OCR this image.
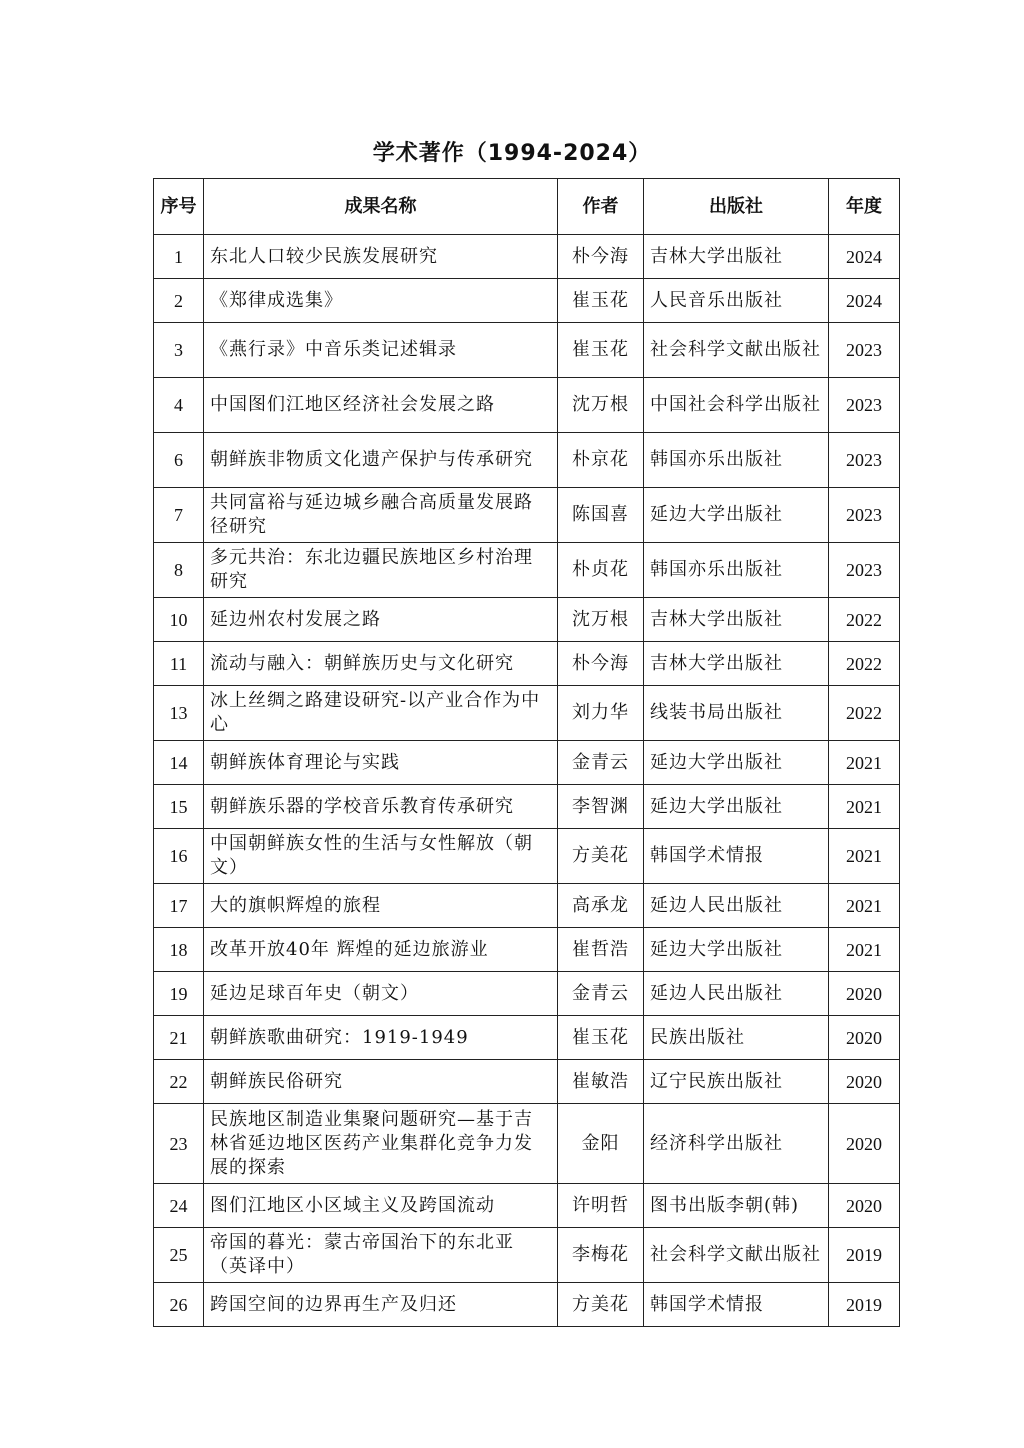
学术著作（1994-2024）
序号	成果名称	作者	出版社	年度
1	东北人口较少民族发展研究	朴今海	吉林大学出版社	2024
2	《郑律成选集》	崔玉花	人民音乐出版社	2024
3	《燕行录》中音乐类记述辑录	崔玉花	社会科学文献出版社	2023
4	中国图们江地区经济社会发展之路	沈万根	中国社会科学出版社	2023
6	朝鲜族非物质文化遗产保护与传承研究	朴京花	韩国亦乐出版社	2023
7	共同富裕与延边城乡融合高质量发展路径研究	陈国喜	延边大学出版社	2023
8	多元共治：东北边疆民族地区乡村治理研究	朴贞花	韩国亦乐出版社	2023
10	延边州农村发展之路	沈万根	吉林大学出版社	2022
11	流动与融入：朝鲜族历史与文化研究	朴今海	吉林大学出版社	2022
13	冰上丝绸之路建设研究-以产业合作为中心	刘力华	线装书局出版社	2022
14	朝鲜族体育理论与实践	金青云	延边大学出版社	2021
15	朝鲜族乐器的学校音乐教育传承研究	李智渊	延边大学出版社	2021
16	中国朝鲜族女性的生活与女性解放（朝文）	方美花	韩国学术情报	2021
17	大的旗帜辉煌的旅程	高承龙	延边人民出版社	2021
18	改革开放40年 辉煌的延边旅游业	崔哲浩	延边大学出版社	2021
19	延边足球百年史（朝文）	金青云	延边人民出版社	2020
21	朝鲜族歌曲研究：1919-1949	崔玉花	民族出版社	2020
22	朝鲜族民俗研究	崔敏浩	辽宁民族出版社	2020
23	民族地区制造业集聚问题研究—基于吉林省延边地区医药产业集群化竞争力发展的探索	金阳	经济科学出版社	2020
24	图们江地区小区域主义及跨国流动	许明哲	图书出版李朝(韩)	2020
25	帝国的暮光：蒙古帝国治下的东北亚（英译中）	李梅花	社会科学文献出版社	2019
26	跨国空间的边界再生产及归还	方美花	韩国学术情报	2019
